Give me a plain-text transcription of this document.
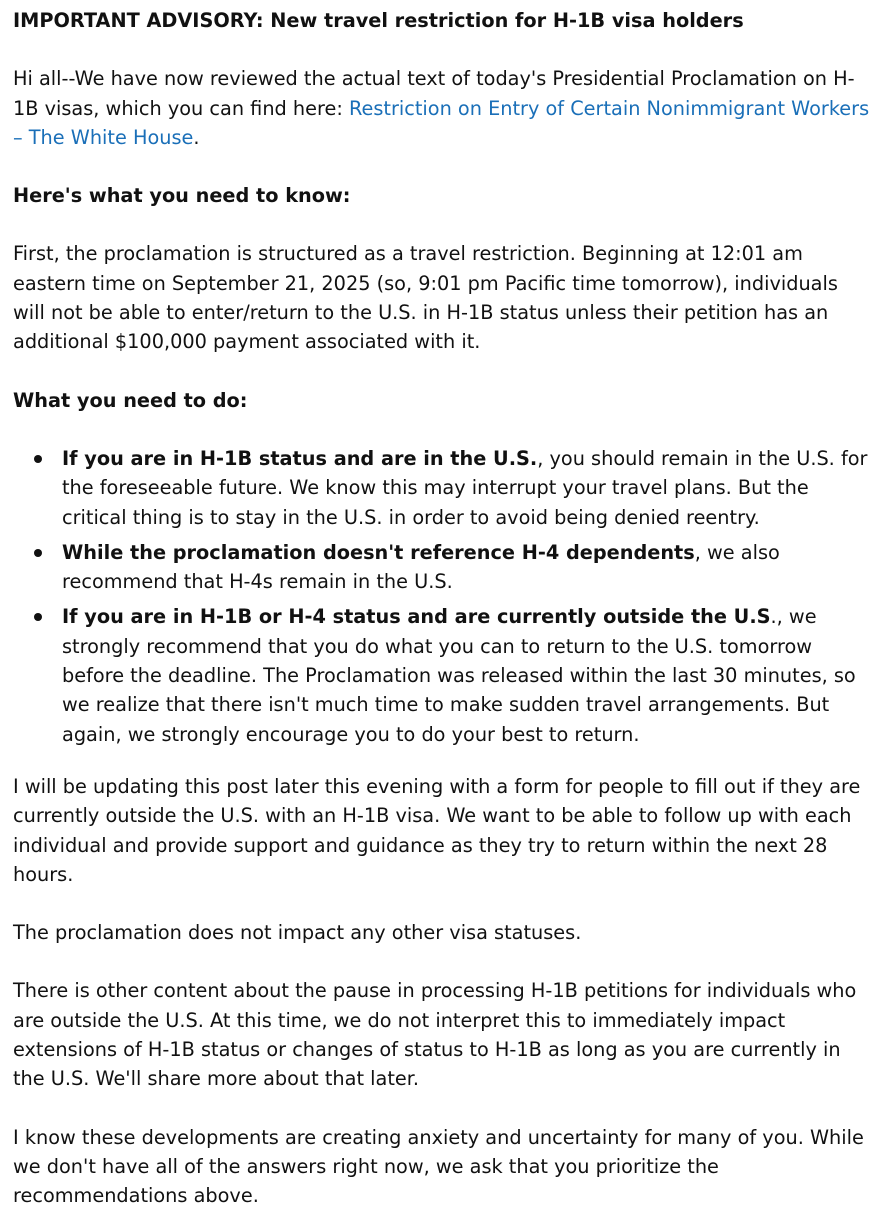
IMPORTANT ADVISORY: New travel restriction for H-1B visa holders

Hi all--We have now reviewed the actual text of today's Presidential Proclamation on H-1B visas, which you can find here: Restriction on Entry of Certain Nonimmigrant Workers – The White House.

Here's what you need to know:

First, the proclamation is structured as a travel restriction. Beginning at 12:01 am eastern time on September 21, 2025 (so, 9:01 pm Pacific time tomorrow), individuals will not be able to enter/return to the U.S. in H-1B status unless their petition has an additional $100,000 payment associated with it.

What you need to do:

If you are in H-1B status and are in the U.S., you should remain in the U.S. for the foreseeable future. We know this may interrupt your travel plans. But the critical thing is to stay in the U.S. in order to avoid being denied reentry.
While the proclamation doesn't reference H-4 dependents, we also recommend that H-4s remain in the U.S.
If you are in H-1B or H-4 status and are currently outside the U.S., we strongly recommend that you do what you can to return to the U.S. tomorrow before the deadline. The Proclamation was released within the last 30 minutes, so we realize that there isn't much time to make sudden travel arrangements. But again, we strongly encourage you to do your best to return.

I will be updating this post later this evening with a form for people to fill out if they are currently outside the U.S. with an H-1B visa. We want to be able to follow up with each individual and provide support and guidance as they try to return within the next 28 hours.

The proclamation does not impact any other visa statuses.

There is other content about the pause in processing H-1B petitions for individuals who are outside the U.S. At this time, we do not interpret this to immediately impact extensions of H-1B status or changes of status to H-1B as long as you are currently in the U.S. We'll share more about that later.

I know these developments are creating anxiety and uncertainty for many of you. While we don't have all of the answers right now, we ask that you prioritize the recommendations above.
